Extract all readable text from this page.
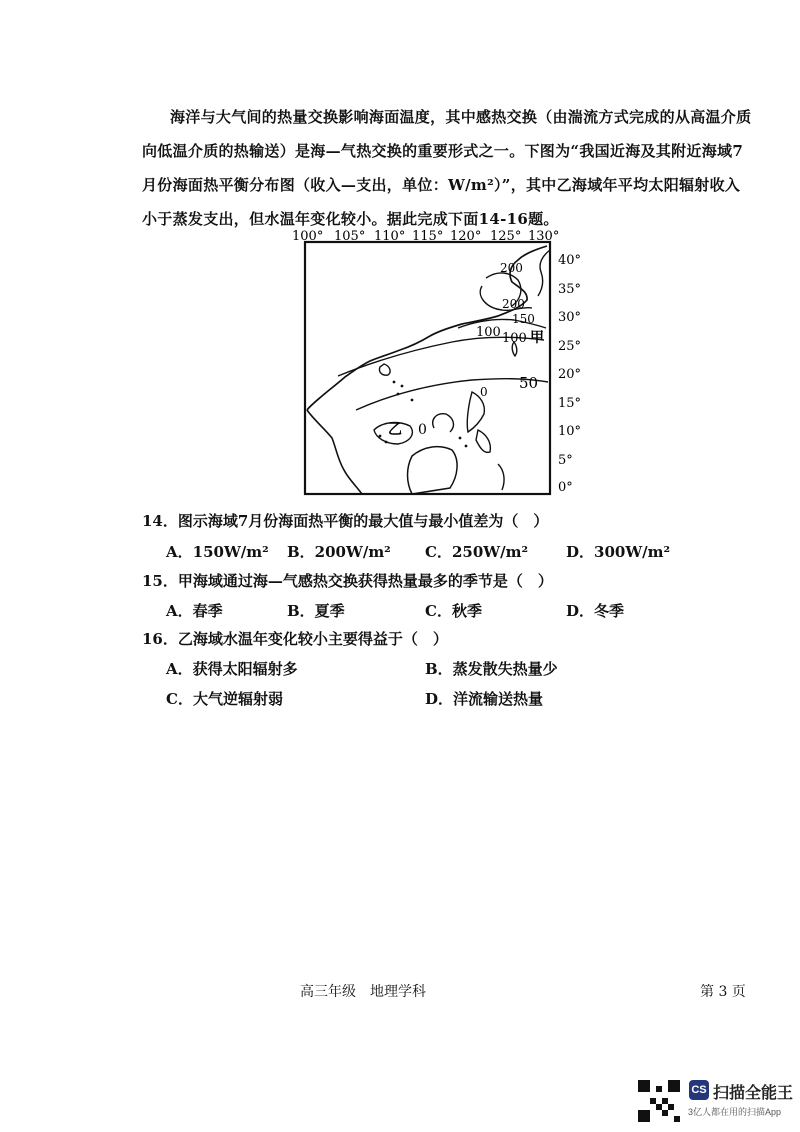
海洋与大气间的热量交换影响海面温度，其中感热交换（由湍流方式完成的从高温介质向低温介质的热输送）是海—气热交换的重要形式之一。下图为“我国近海及其附近海域7月份海面热平衡分布图（收入—支出，单位：W/m²）”，其中乙海域年平均太阳辐射收入小于蒸发支出，但水温年变化较小。据此完成下面14-16题。

100° 105° 110° 115° 120° 125° 130°
40°
35°
30°
25°
20°
15°
10°
5°
0°
200
200
150
100 100
50
0
0
甲
乙
14．图示海域7月份海面热平衡的最大值与最小值差为（　）
A．150W/m² B．200W/m² C．250W/m²	D．300W/m²
15．甲海域通过海—气感热交换获得热量最多的季节是（　）
A．春季	B．夏季	C．秋季	D．冬季
16．乙海域水温年变化较小主要得益于（　）
A．获得太阳辐射多	B．蒸发散失热量少
C．大气逆辐射弱	D．洋流输送热量
高三年级　地理学科	第 3 页
CS 扫描全能王
3亿人都在用的扫描App
